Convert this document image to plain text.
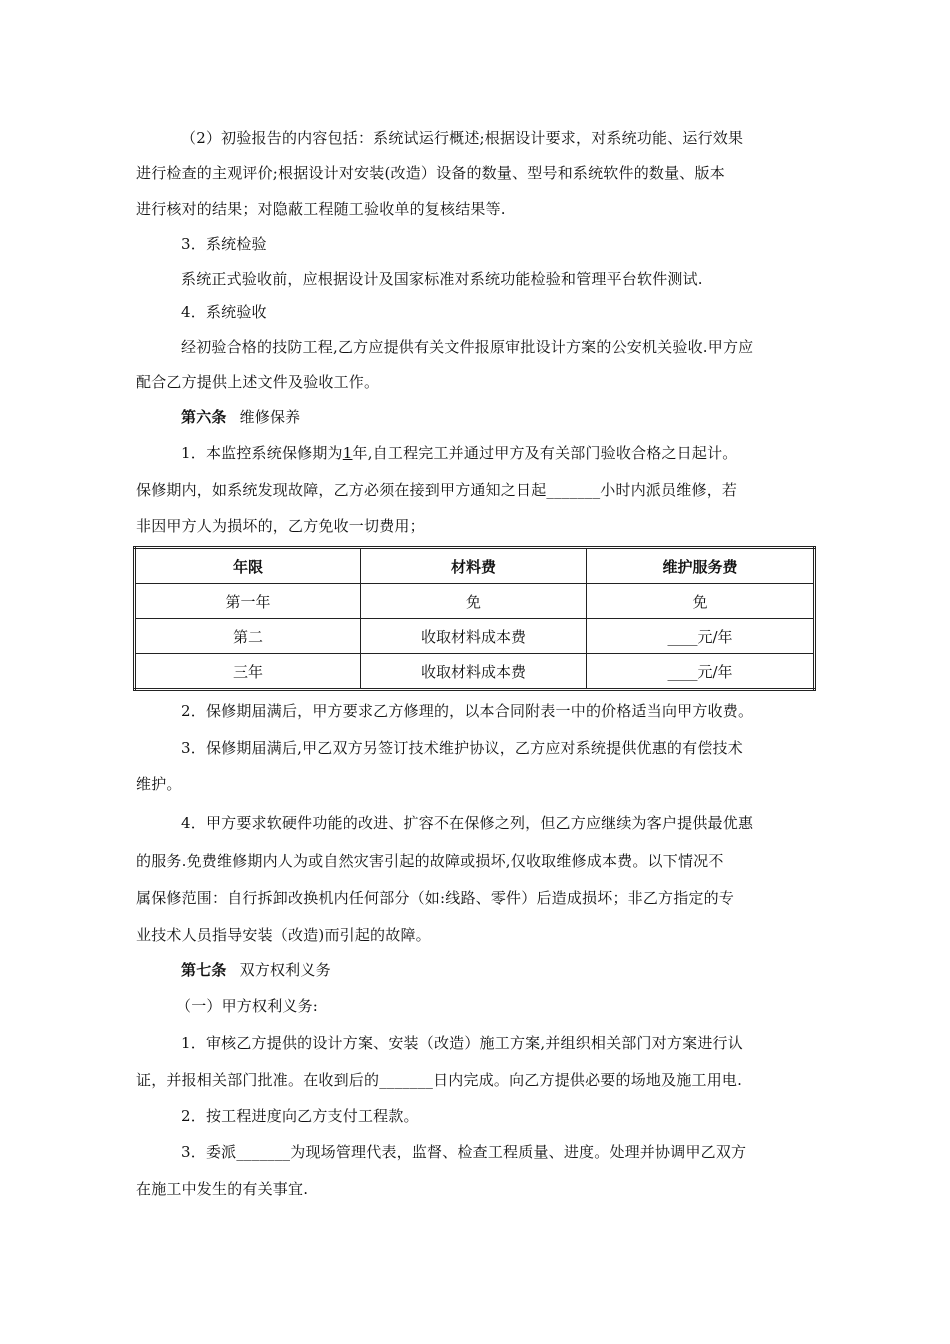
（2）初验报告的内容包括：系统试运行概述;根据设计要求，对系统功能、运行效果
进行检查的主观评价;根据设计对安装(改造）设备的数量、型号和系统软件的数量、版本
进行核对的结果；对隐蔽工程随工验收单的复核结果等.
3．系统检验
系统正式验收前，应根据设计及国家标准对系统功能检验和管理平台软件测试.
4．系统验收
经初验合格的技防工程,乙方应提供有关文件报原审批设计方案的公安机关验收.甲方应
配合乙方提供上述文件及验收工作。
第六条 维修保养
1．本监控系统保修期为1年,自工程完工并通过甲方及有关部门验收合格之日起计。
保修期内，如系统发现故障，乙方必须在接到甲方通知之日起_______小时内派员维修，若
非因甲方人为损坏的，乙方免收一切费用；
年限	材料费	维护服务费
第一年	免	免
第二	收取材料成本费	____元/年
三年	收取材料成本费	____元/年
2．保修期届满后，甲方要求乙方修理的，以本合同附表一中的价格适当向甲方收费。
3．保修期届满后,甲乙双方另签订技术维护协议，乙方应对系统提供优惠的有偿技术
维护。
4．甲方要求软硬件功能的改进、扩容不在保修之列，但乙方应继续为客户提供最优惠
的服务.免费维修期内人为或自然灾害引起的故障或损坏,仅收取维修成本费。以下情况不
属保修范围：自行拆卸改换机内任何部分（如:线路、零件）后造成损坏；非乙方指定的专
业技术人员指导安装（改造)而引起的故障。
第七条 双方权利义务
（一）甲方权利义务:
1．审核乙方提供的设计方案、安装（改造）施工方案,并组织相关部门对方案进行认
证，并报相关部门批准。在收到后的_______日内完成。向乙方提供必要的场地及施工用电.
2．按工程进度向乙方支付工程款。
3．委派_______为现场管理代表，监督、检查工程质量、进度。处理并协调甲乙双方
在施工中发生的有关事宜.
